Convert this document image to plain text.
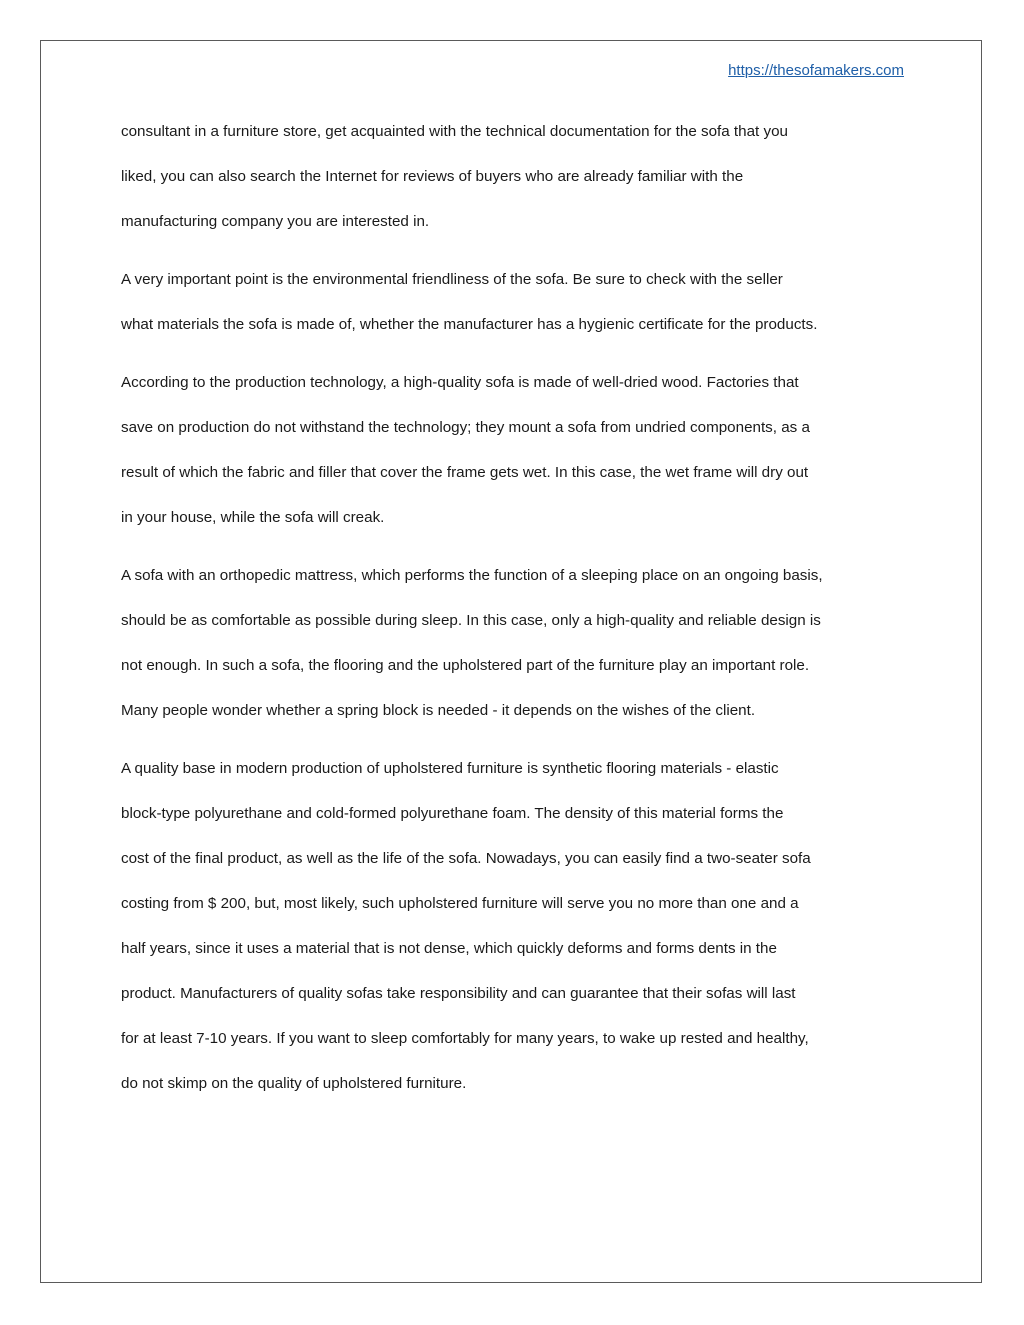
https://thesofamakers.com
consultant in a furniture store, get acquainted with the technical documentation for the sofa that you
liked, you can also search the Internet for reviews of buyers who are already familiar with the
manufacturing company you are interested in.
A very important point is the environmental friendliness of the sofa. Be sure to check with the seller
what materials the sofa is made of, whether the manufacturer has a hygienic certificate for the products.
According to the production technology, a high-quality sofa is made of well-dried wood. Factories that
save on production do not withstand the technology; they mount a sofa from undried components, as a
result of which the fabric and filler that cover the frame gets wet. In this case, the wet frame will dry out
in your house, while the sofa will creak.
A sofa with an orthopedic mattress, which performs the function of a sleeping place on an ongoing basis,
should be as comfortable as possible during sleep. In this case, only a high-quality and reliable design is
not enough. In such a sofa, the flooring and the upholstered part of the furniture play an important role.
Many people wonder whether a spring block is needed - it depends on the wishes of the client.
A quality base in modern production of upholstered furniture is synthetic flooring materials - elastic
block-type polyurethane and cold-formed polyurethane foam. The density of this material forms the
cost of the final product, as well as the life of the sofa. Nowadays, you can easily find a two-seater sofa
costing from $ 200, but, most likely, such upholstered furniture will serve you no more than one and a
half years, since it uses a material that is not dense, which quickly deforms and forms dents in the
product. Manufacturers of quality sofas take responsibility and can guarantee that their sofas will last
for at least 7-10 years. If you want to sleep comfortably for many years, to wake up rested and healthy,
do not skimp on the quality of upholstered furniture.
